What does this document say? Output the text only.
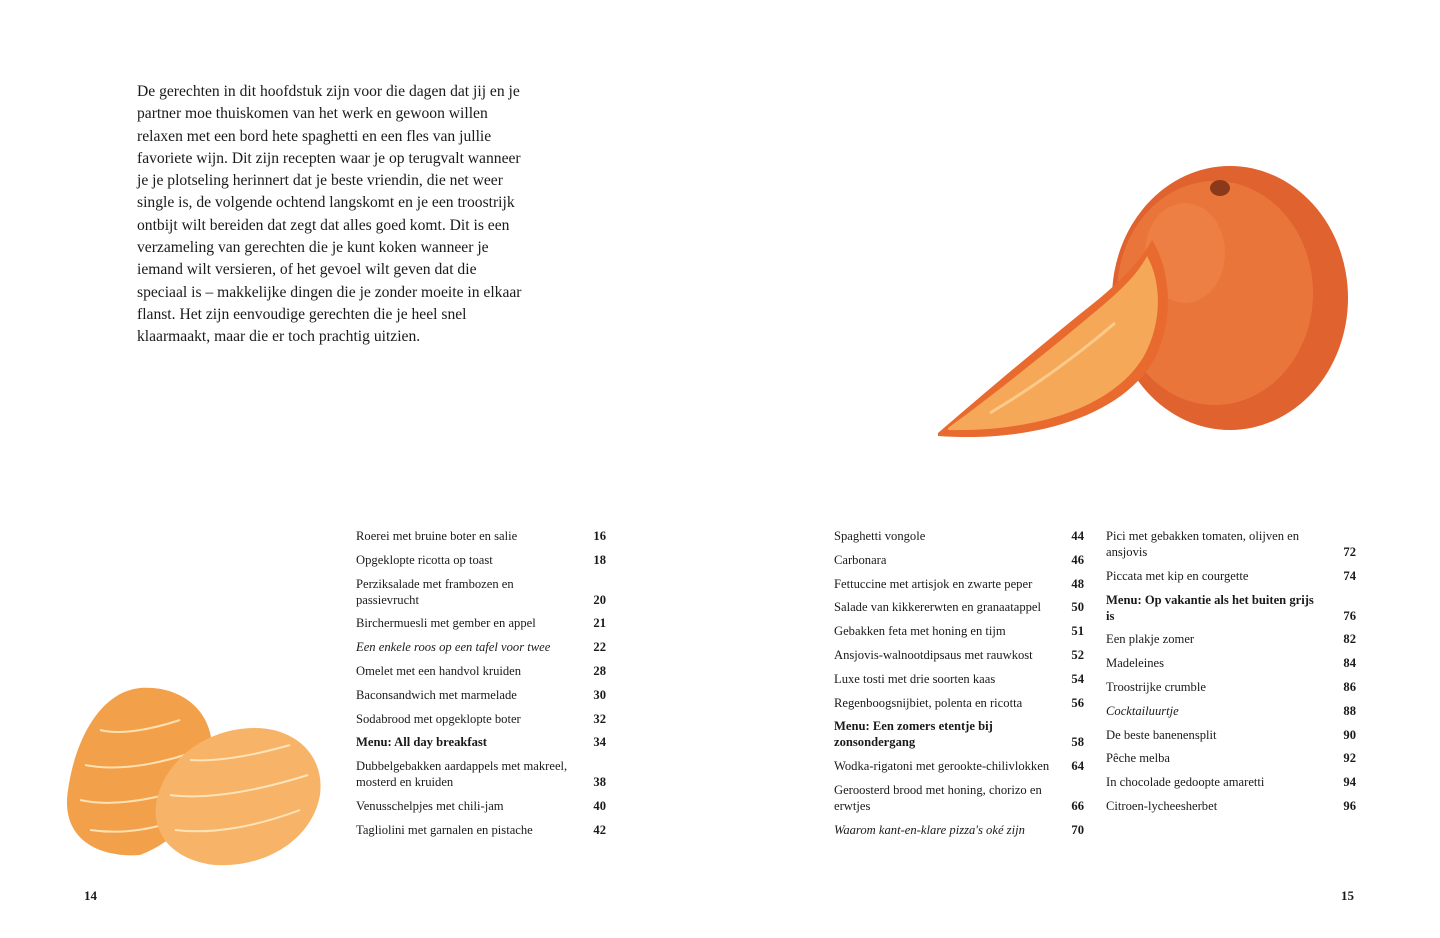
De gerechten in dit hoofdstuk zijn voor die dagen dat jij en je partner moe thuiskomen van het werk en gewoon willen relaxen met een bord hete spaghetti en een fles van jullie favoriete wijn. Dit zijn recepten waar je op terugvalt wanneer je je plotseling herinnert dat je beste vriendin, die net weer single is, de volgende ochtend langskomt en je een troostrijk ontbijt wilt bereiden dat zegt dat alles goed komt. Dit is een verzameling van gerechten die je kunt koken wanneer je iemand wilt versieren, of het gevoel wilt geven dat die speciaal is – makkelijke dingen die je zonder moeite in elkaar flanst. Het zijn eenvoudige gerechten die je heel snel klaarmaakt, maar die er toch prachtig uitzien.

Roerei met bruine boter en salie	16
Opgeklopte ricotta op toast	18
Perziksalade met frambozen en passievrucht	20
Birchermuesli met gember en appel	21
Een enkele roos op een tafel voor twee	22
Omelet met een handvol kruiden	28
Baconsandwich met marmelade	30
Sodabrood met opgeklopte boter	32
Menu: All day breakfast	34
Dubbelgebakken aardappels met makreel, mosterd en kruiden	38
Venusschelpjes met chili-jam	40
Tagliolini met garnalen en pistache	42
Spaghetti vongole	44
Carbonara	46
Fettuccine met artisjok en zwarte peper	48
Salade van kikkererwten en granaatappel	50
Gebakken feta met honing en tijm	51
Ansjovis-walnootdipsaus met rauwkost	52
Luxe tosti met drie soorten kaas	54
Regenboogsnijbiet, polenta en ricotta	56
Menu: Een zomers etentje bij zonsondergang	58
Wodka-rigatoni met gerookte-chilivlokken	64
Geroosterd brood met honing, chorizo en erwtjes	66
Waarom kant-en-klare pizza's oké zijn	70
Pici met gebakken tomaten, olijven en ansjovis	72
Piccata met kip en courgette	74
Menu: Op vakantie als het buiten grijs is	76
Een plakje zomer	82
Madeleines	84
Troostrijke crumble	86
Cocktailuurtje	88
De beste banenensplit	90
Pêche melba	92
In chocolade gedoopte amaretti	94
Citroen-lycheesherbet	96
14	15
